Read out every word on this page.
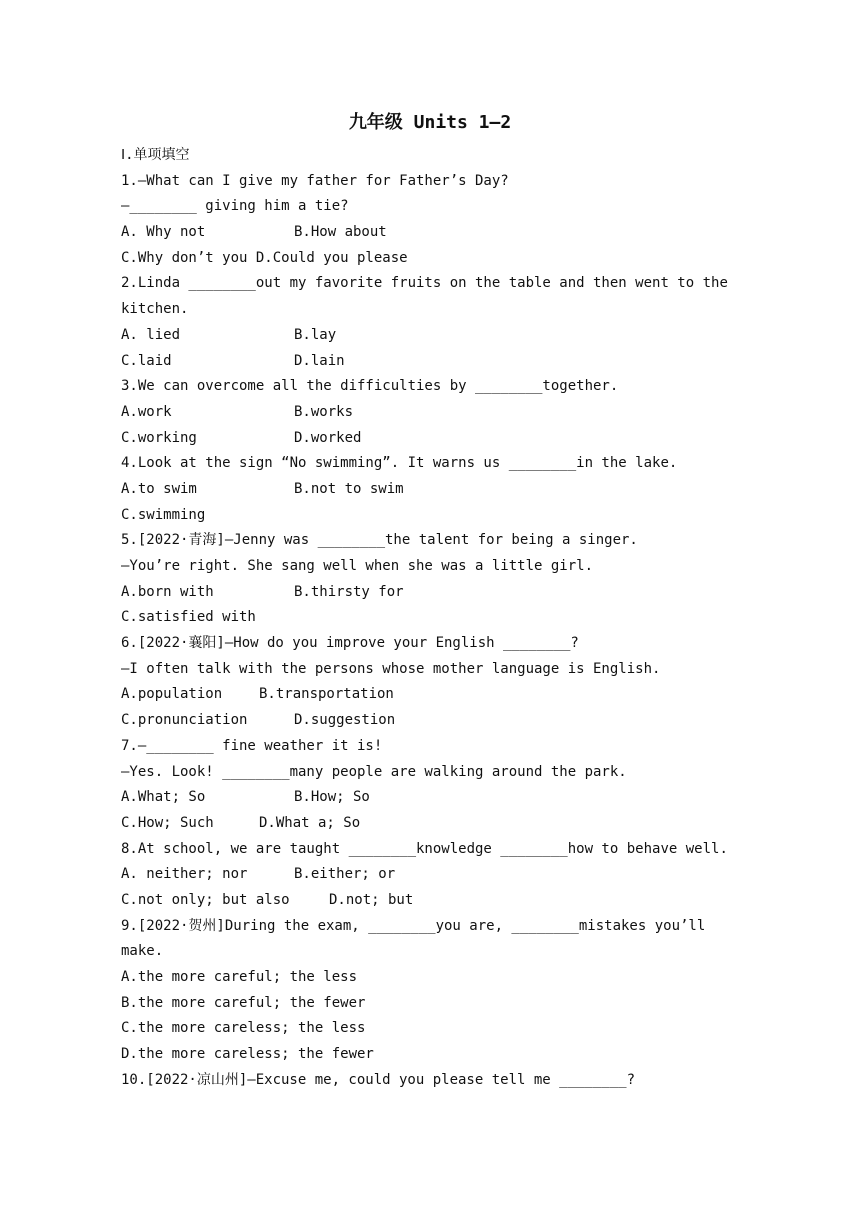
九年级 Units 1—2
Ⅰ.单项填空
1.—What can I give my father for Father’s Day?
—________ giving him a tie?
A. Why not	B.How about
C.Why don’t you D.Could you please
2.Linda ________out my favorite fruits on the table and then went to the
kitchen.
A. lied	B.lay
C.laid	D.lain
3.We can overcome all the difficulties by ________together.
A.work	B.works
C.working	D.worked
4.Look at the sign “No swimming”. It warns us ________in the lake.
A.to swim	B.not to swim
C.swimming
5.[2022·青海]—Jenny was ________the talent for being a singer.
—You’re right. She sang well when she was a little girl.
A.born with	B.thirsty for
C.satisfied with
6.[2022·襄阳]—How do you improve your English ________?
—I often talk with the persons whose mother language is English.
A.population	B.transportation
C.pronunciation	D.suggestion
7.—________ fine weather it is!
—Yes. Look! ________many people are walking around the park.
A.What; So	B.How; So
C.How; Such	D.What a; So
8.At school, we are taught ________knowledge ________how to behave well.
A. neither; nor	B.either; or
C.not only; but also	D.not; but
9.[2022·贺州]During the exam, ________you are, ________mistakes you’ll
make.
A.the more careful; the less
B.the more careful; the fewer
C.the more careless; the less
D.the more careless; the fewer
10.[2022·凉山州]—Excuse me, could you please tell me ________?
